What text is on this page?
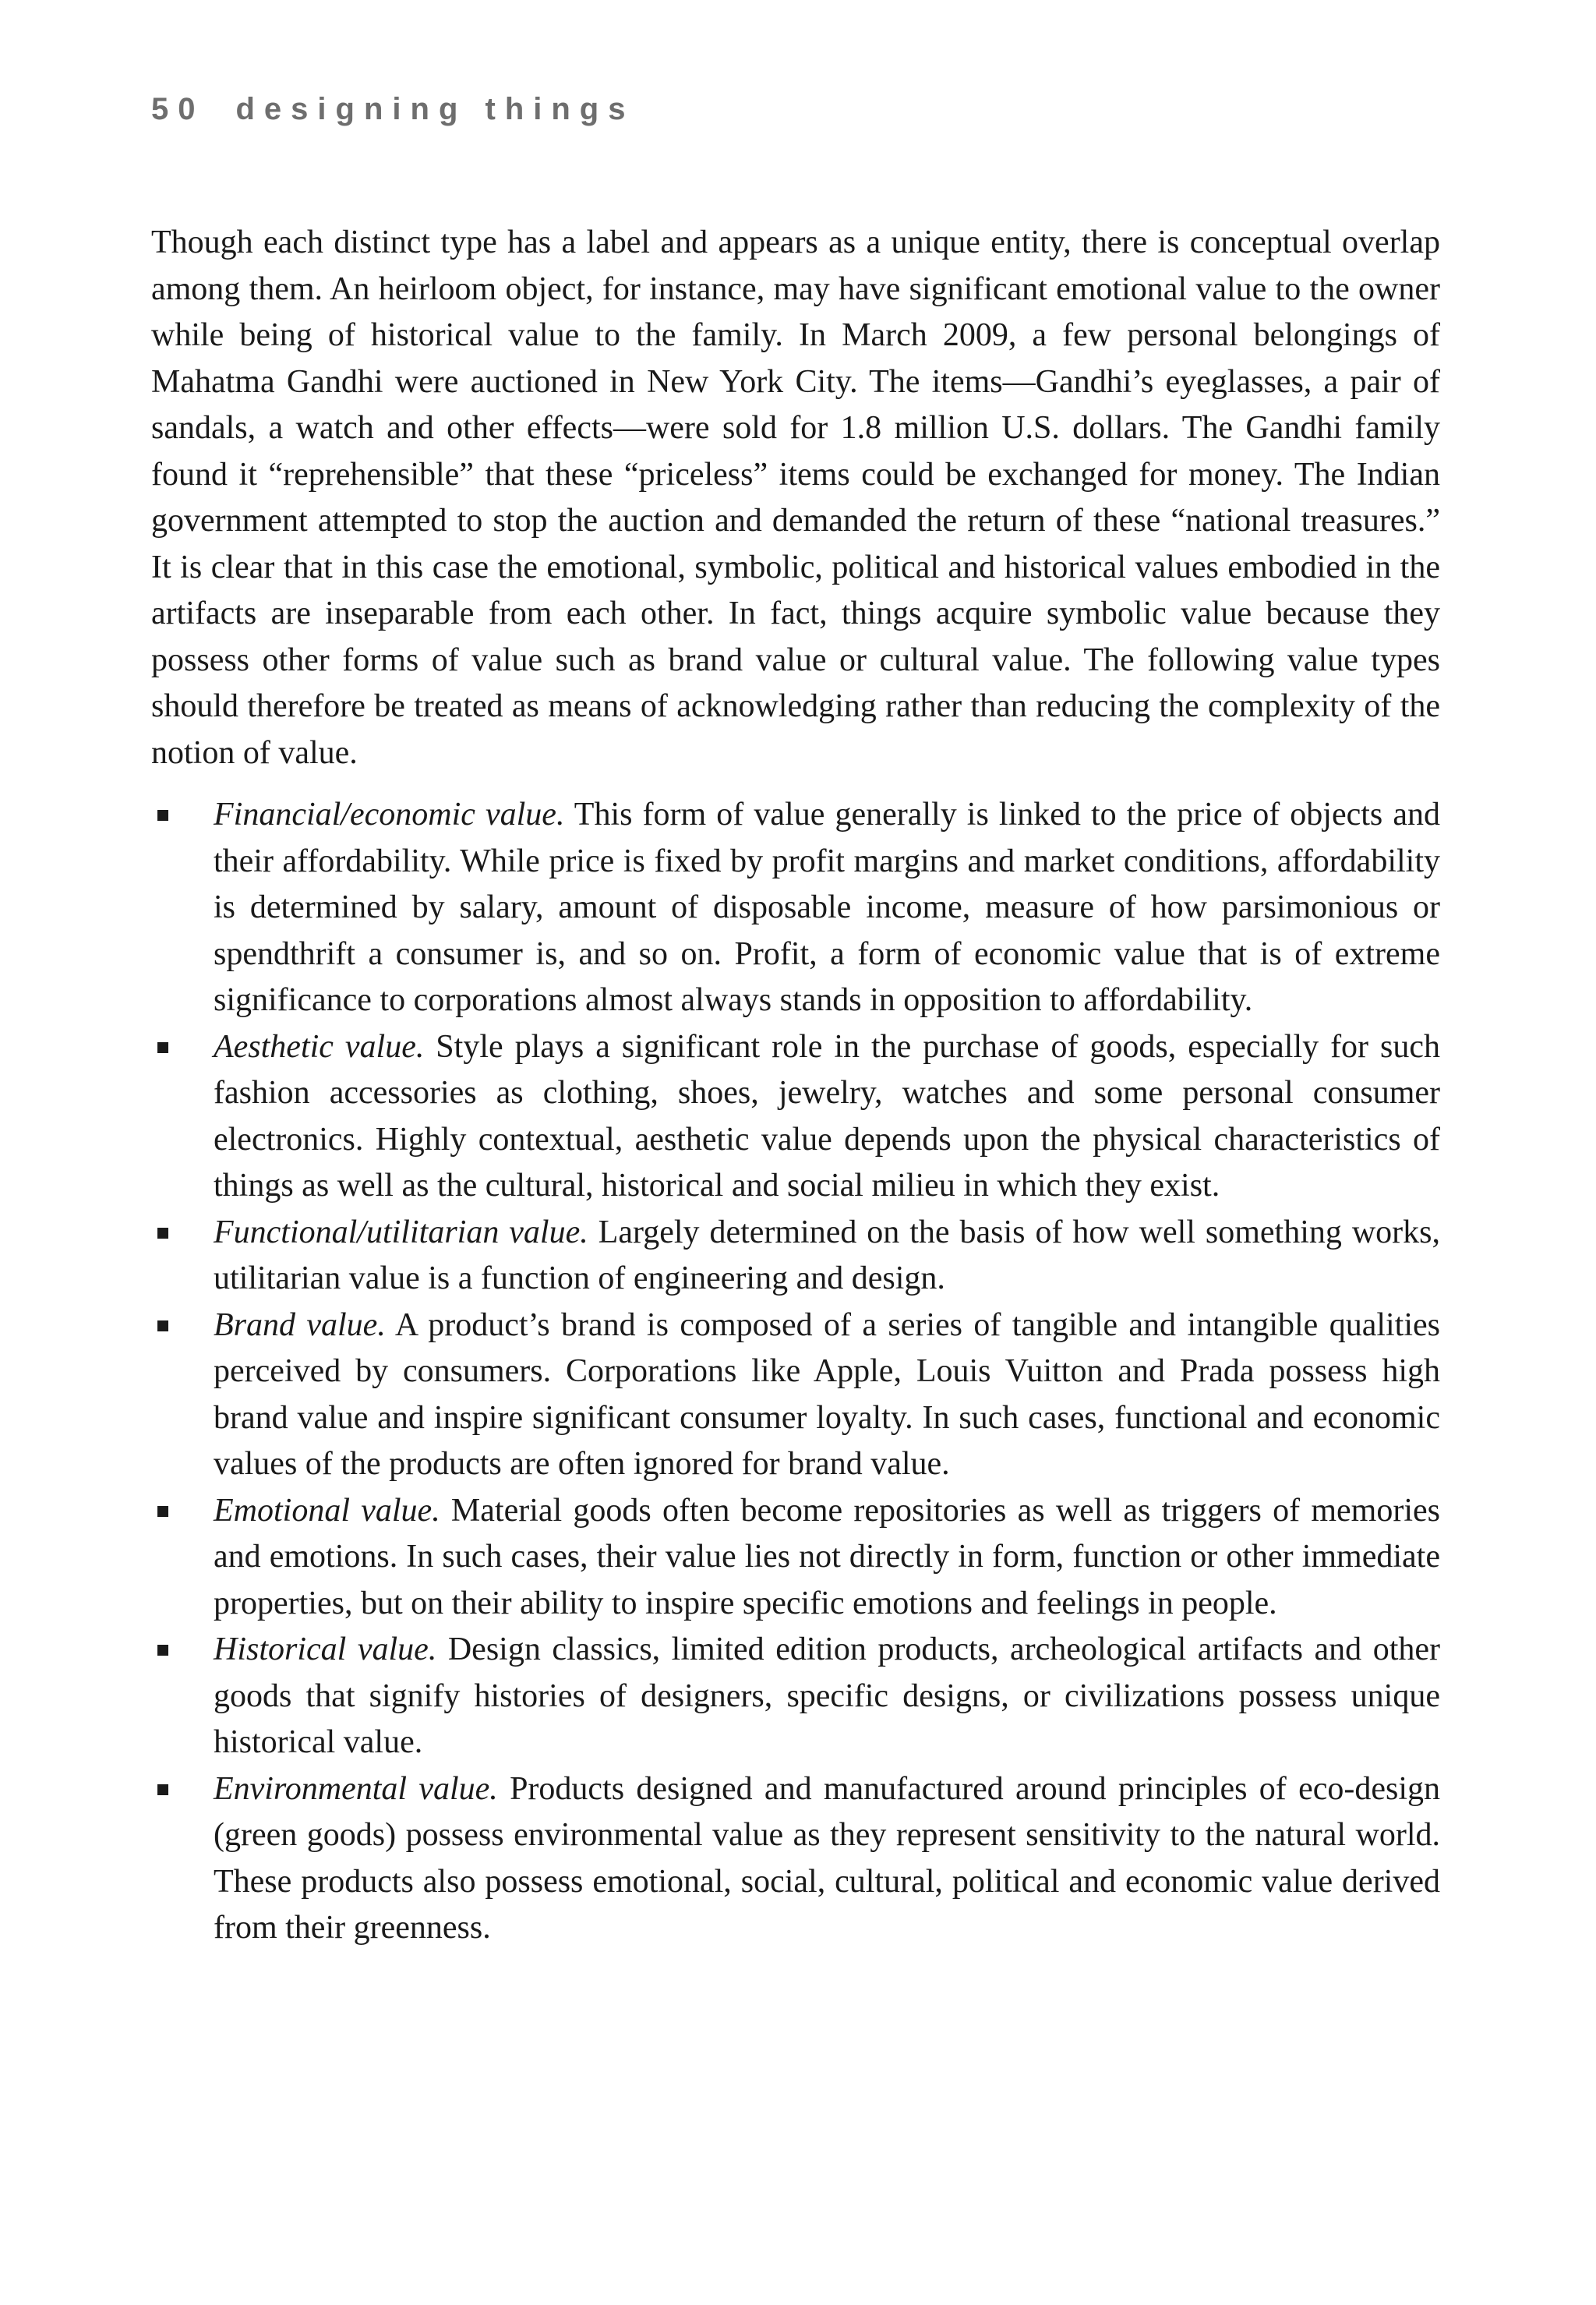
50 designing things

Though each distinct type has a label and appears as a unique entity, there is conceptual overlap among them. An heirloom object, for instance, may have significant emotional value to the owner while being of historical value to the family. In March 2009, a few personal belongings of Mahatma Gandhi were auctioned in New York City. The items—Gandhi’s eyeglasses, a pair of sandals, a watch and other effects—were sold for 1.8 million U.S. dollars. The Gandhi family found it “reprehensible” that these “priceless” items could be exchanged for money. The Indian government attempted to stop the auction and demanded the return of these “national treasures.” It is clear that in this case the emotional, symbolic, political and historical values embodied in the artifacts are inseparable from each other. In fact, things acquire symbolic value because they possess other forms of value such as brand value or cultural value. The following value types should therefore be treated as means of acknowledging rather than reducing the complexity of the notion of value.

Financial/economic value. This form of value generally is linked to the price of objects and their affordability. While price is fixed by profit margins and market conditions, affordability is determined by salary, amount of disposable income, measure of how parsimonious or spendthrift a consumer is, and so on. Profit, a form of economic value that is of extreme significance to corporations almost always stands in opposition to affordability.
Aesthetic value. Style plays a significant role in the purchase of goods, especially for such fashion accessories as clothing, shoes, jewelry, watches and some personal consumer electronics. Highly contextual, aesthetic value depends upon the physical characteristics of things as well as the cultural, historical and social milieu in which they exist.
Functional/utilitarian value. Largely determined on the basis of how well something works, utilitarian value is a function of engineering and design.
Brand value. A product’s brand is composed of a series of tangible and intangible qualities perceived by consumers. Corporations like Apple, Louis Vuitton and Prada possess high brand value and inspire significant consumer loyalty. In such cases, functional and economic values of the products are often ignored for brand value.
Emotional value. Material goods often become repositories as well as triggers of memories and emotions. In such cases, their value lies not directly in form, function or other immediate properties, but on their ability to inspire specific emotions and feelings in people.
Historical value. Design classics, limited edition products, archeological artifacts and other goods that signify histories of designers, specific designs, or civilizations possess unique historical value.
Environmental value. Products designed and manufactured around principles of eco-design (green goods) possess environmental value as they represent sensitivity to the natural world. These products also possess emotional, social, cultural, political and economic value derived from their greenness.
